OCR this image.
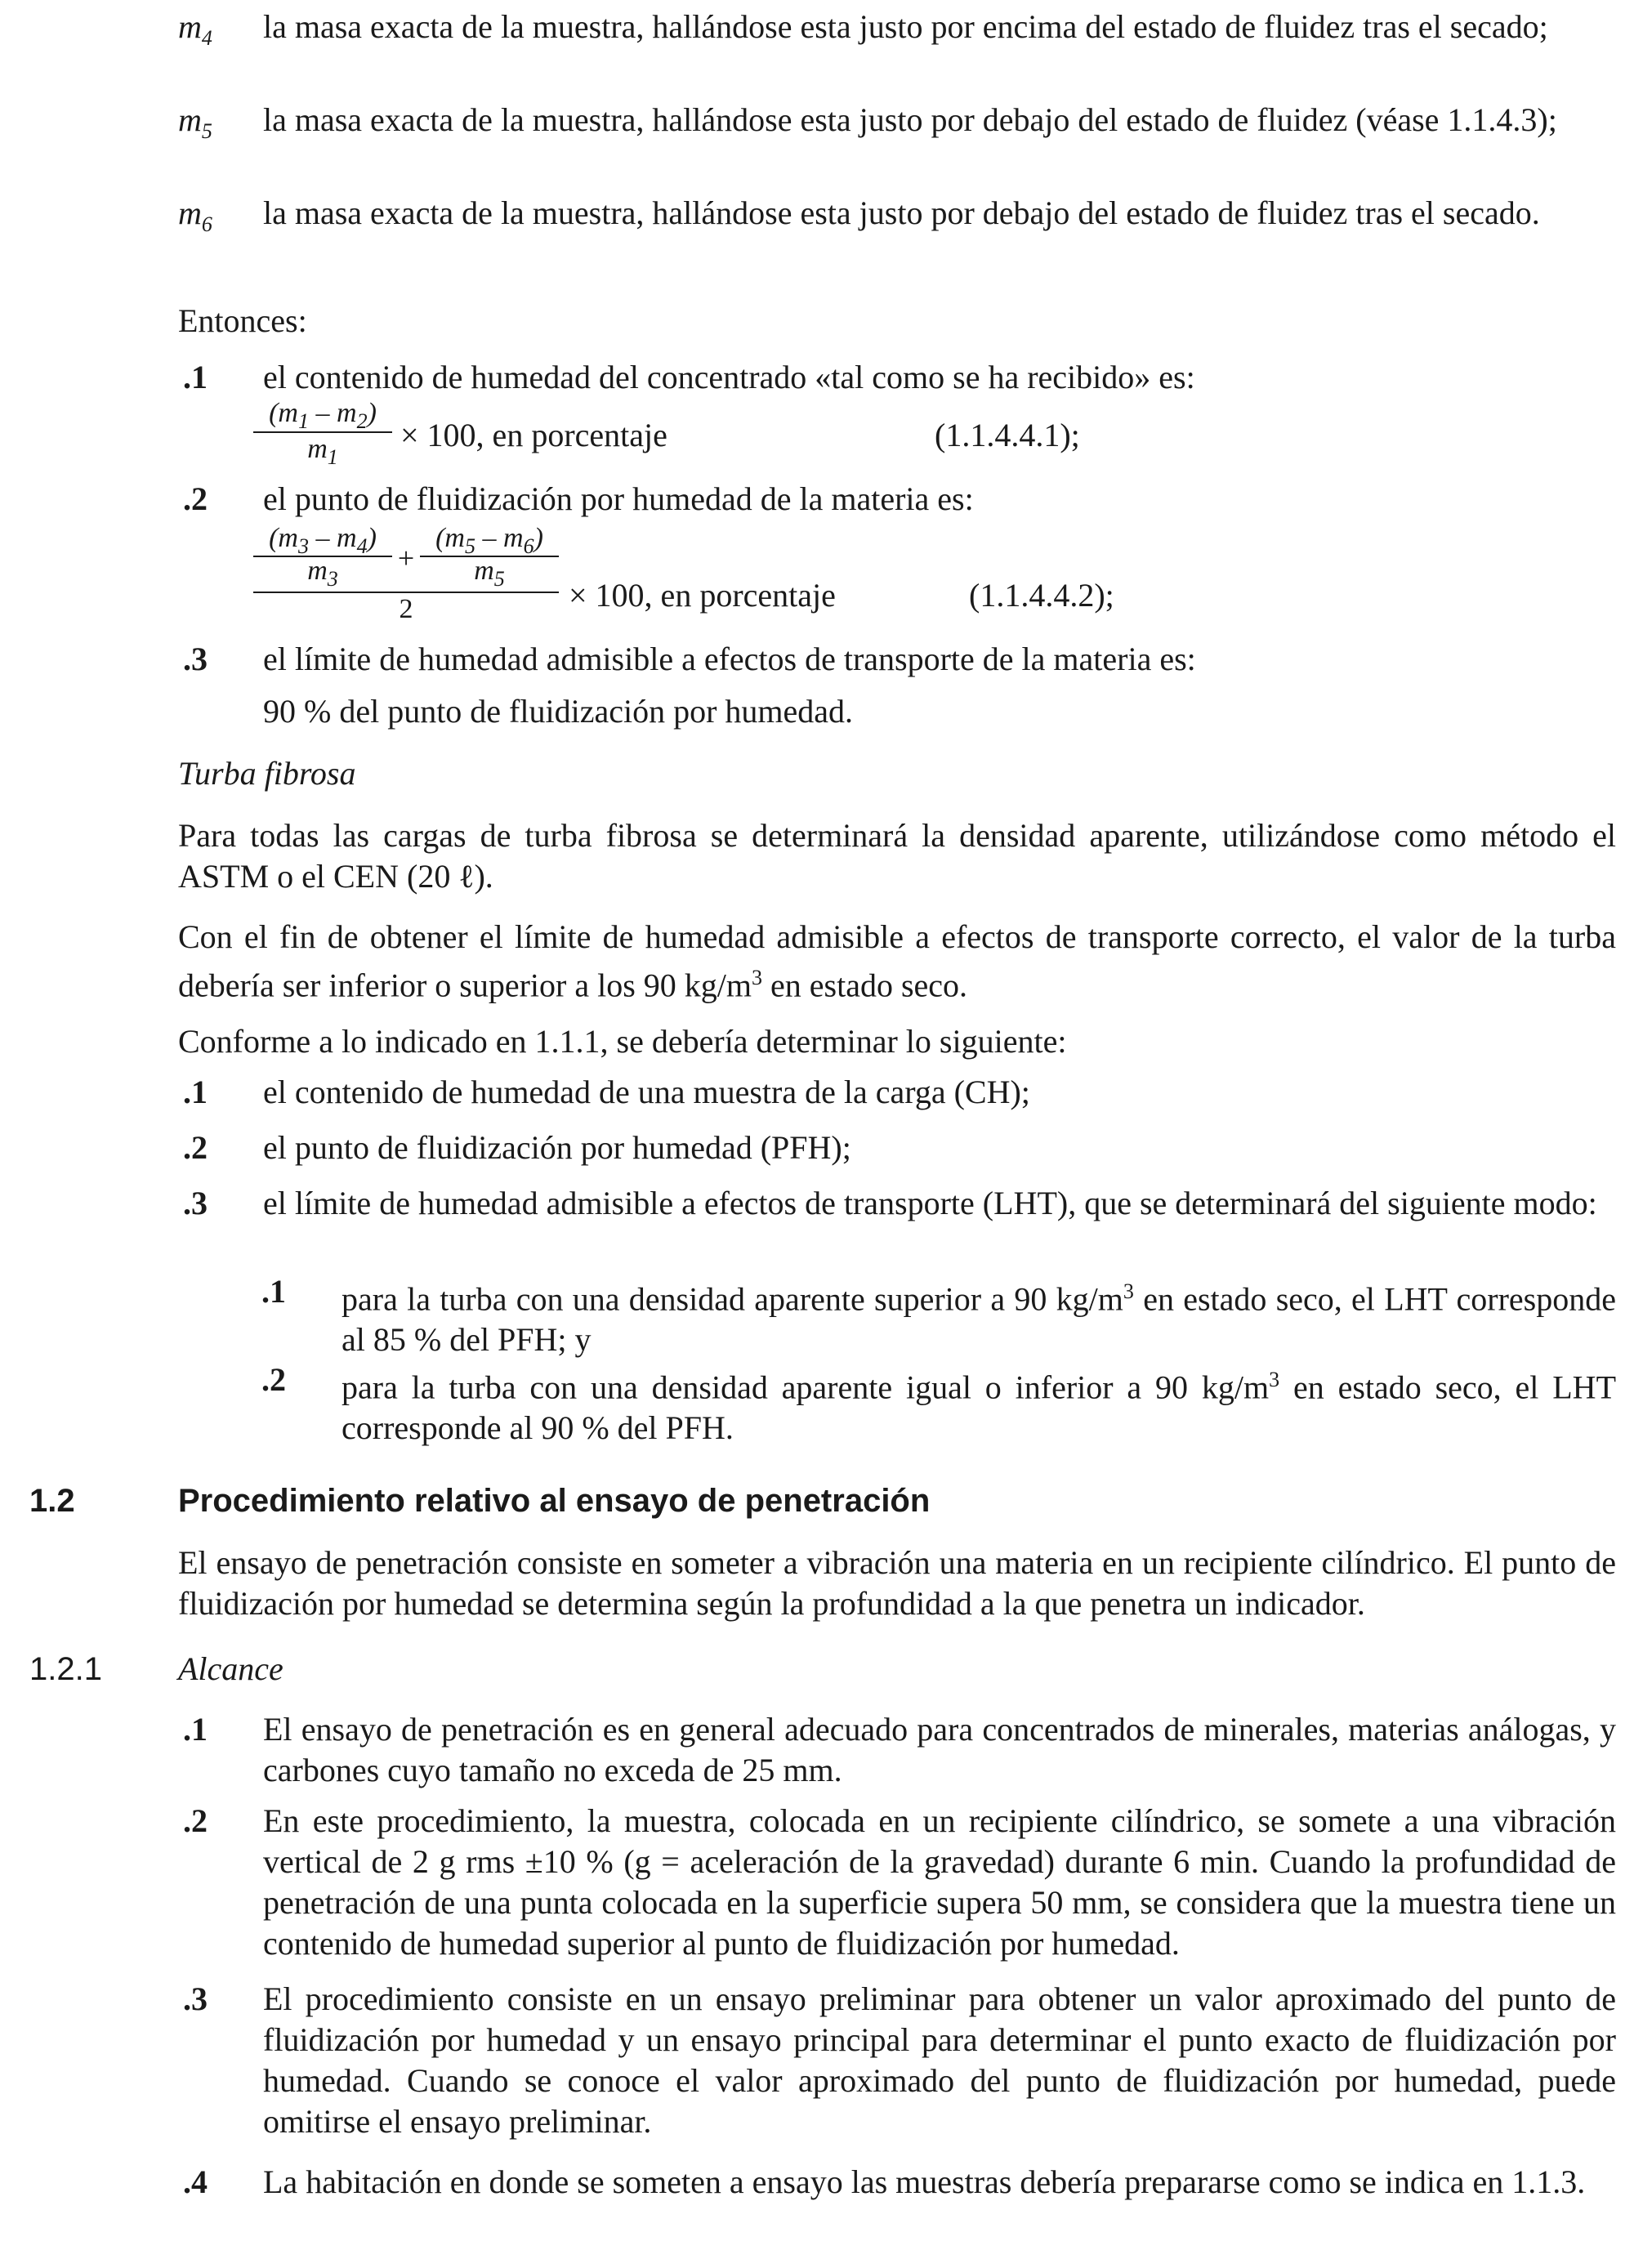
$m_4$ la masa exacta de la muestra, hallándose esta justo por encima del estado de fluidez tras el secado;
$m_5$ la masa exacta de la muestra, hallándose esta justo por debajo del estado de fluidez (véase 1.1.4.3);
$m_6$ la masa exacta de la muestra, hallándose esta justo por debajo del estado de fluidez tras el secado.
Entonces:
.1 el contenido de humedad del concentrado «tal como se ha recibido» es:
$(m_1 - m_2)$
$m_1$
× 100, en porcentaje	(1.1.4.4.1);
.2 el punto de fluidización por humedad de la materia es:
$(m_3 - m_4)$
$m_3$
+
$(m_5 - m_6)$
$m_5$
2	× 100, en porcentaje	(1.1.4.4.2);
.3 el límite de humedad admisible a efectos de transporte de la materia es:
90 % del punto de fluidización por humedad.
Turba fibrosa
Para todas las cargas de turba fibrosa se determinará la densidad aparente, utilizándose como método el ASTM o el CEN (20 ℓ).
Con el fin de obtener el límite de humedad admisible a efectos de transporte correcto, el valor de la turba debería ser inferior o superior a los 90 $kg/m^3$ en estado seco.
Conforme a lo indicado en 1.1.1, se debería determinar lo siguiente:
.1 el contenido de humedad de una muestra de la carga (CH);
.2 el punto de fluidización por humedad (PFH);
.3 el límite de humedad admisible a efectos de transporte (LHT), que se determinará del siguiente modo:
.1 para la turba con una densidad aparente superior a 90 $kg/m^3$ en estado seco, el LHT corresponde al 85 % del PFH; y
.2 para la turba con una densidad aparente igual o inferior a 90 $kg/m^3$ en estado seco, el LHT corresponde al 90 % del PFH.
1.2	Procedimiento relativo al ensayo de penetración
El ensayo de penetración consiste en someter a vibración una materia en un recipiente cilíndrico. El punto de fluidización por humedad se determina según la profundidad a la que penetra un indicador.
1.2.1 Alcance
.1 El ensayo de penetración es en general adecuado para concentrados de minerales, materias análogas, y carbones cuyo tamaño no exceda de 25 mm.
.2 En este procedimiento, la muestra, colocada en un recipiente cilíndrico, se somete a una vibración vertical de 2 g rms ±10 % (g = aceleración de la gravedad) durante 6 min. Cuando la profundidad de penetración de una punta colocada en la superficie supera 50 mm, se considera que la muestra tiene un contenido de humedad superior al punto de fluidización por humedad.
.3 El procedimiento consiste en un ensayo preliminar para obtener un valor aproximado del punto de fluidización por humedad y un ensayo principal para determinar el punto exacto de fluidización por humedad. Cuando se conoce el valor aproximado del punto de fluidización por humedad, puede omitirse el ensayo preliminar.
.4 La habitación en donde se someten a ensayo las muestras debería prepararse como se indica en 1.1.3.
